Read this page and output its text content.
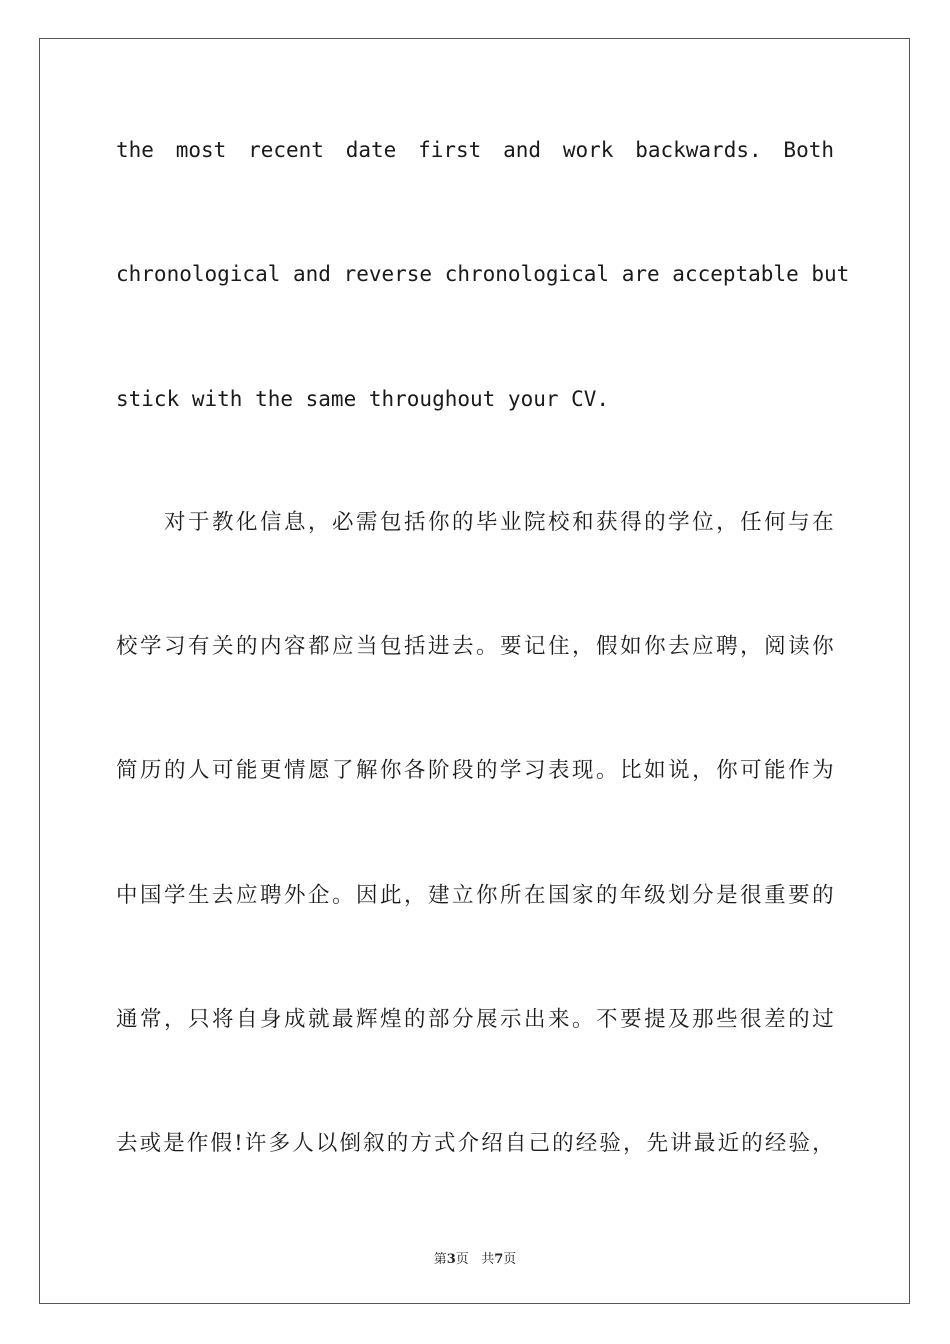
the most recent date first and work backwards. Both
chronological and reverse chronological are acceptable but
stick with the same throughout your CV.
对于教化信息，必需包括你的毕业院校和获得的学位，任何与在
校学习有关的内容都应当包括进去。要记住，假如你去应聘，阅读你
简历的人可能更情愿了解你各阶段的学习表现。比如说，你可能作为
中国学生去应聘外企。因此，建立你所在国家的年级划分是很重要的
通常，只将自身成就最辉煌的部分展示出来。不要提及那些很差的过
去或是作假!许多人以倒叙的方式介绍自己的经验，先讲最近的经验，
第3页   共7页
